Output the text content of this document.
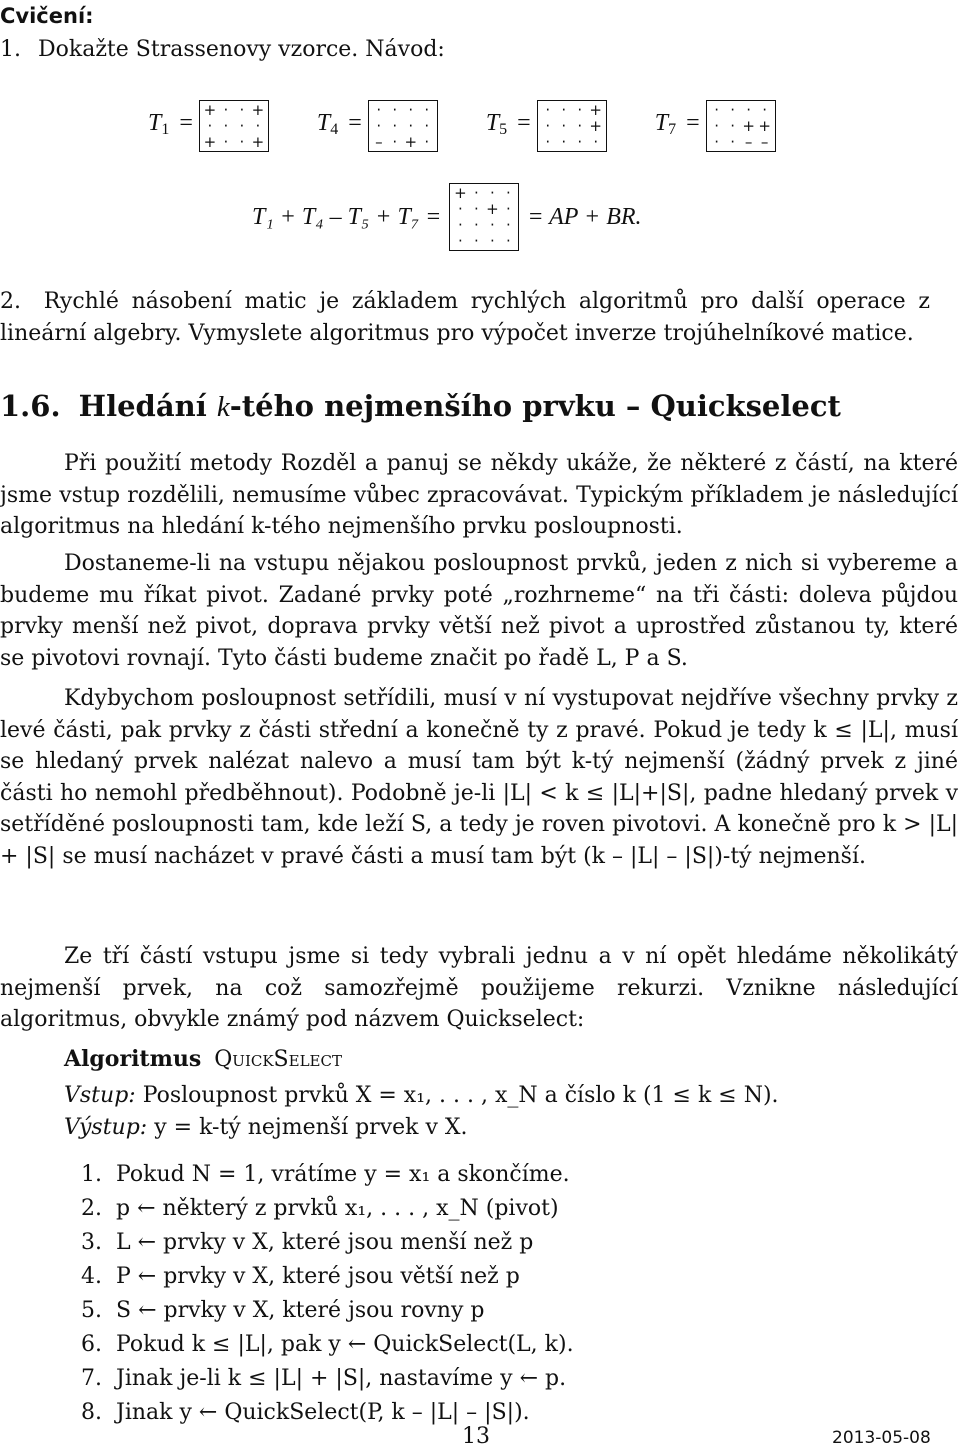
Cvičení:
1. Dokažte Strassenovy vzorce. Návod:
$T_1$ = + · · +
· · · ·
+ · · +
$T_4$ = · · · ·
· · · ·
– · + ·
$T_5$ = · · · +
· · · +
· · · ·
$T_7$ = · · · ·
· · + +
· · – –
T₁ + T₄ – T₅ + T₇ =
+ · · ·
· · + ·
· · · ·
· · · ·
= AP + BR.
2. Rychlé násobení matic je základem rychlých algoritmů pro další operace z lineární algebry. Vymyslete algoritmus pro výpočet inverze trojúhelníkové matice.
1.6. Hledání k-tého nejmenšího prvku – Quickselect
Při použití metody Rozděl a panuj se někdy ukáže, že některé z částí, na které jsme vstup rozdělili, nemusíme vůbec zpracovávat. Typickým příkladem je následující algoritmus na hledání k-tého nejmenšího prvku posloupnosti.
Dostaneme-li na vstupu nějakou posloupnost prvků, jeden z nich si vybereme a budeme mu říkat pivot. Zadané prvky poté „rozhrneme“ na tři části: doleva půjdou prvky menší než pivot, doprava prvky větší než pivot a uprostřed zůstanou ty, které se pivotovi rovnají. Tyto části budeme značit po řadě L, P a S.
Kdybychom posloupnost setřídili, musí v ní vystupovat nejdříve všechny prvky z levé části, pak prvky z části střední a konečně ty z pravé. Pokud je tedy k ≤ |L|, musí se hledaný prvek nalézat nalevo a musí tam být k-tý nejmenší (žádný prvek z jiné části ho nemohl předběhnout). Podobně je-li |L| < k ≤ |L|+|S|, padne hledaný prvek v setříděné posloupnosti tam, kde leží S, a tedy je roven pivotovi. A konečně pro k > |L| + |S| se musí nacházet v pravé části a musí tam být (k – |L| – |S|)-tý nejmenší.
Ze tří částí vstupu jsme si tedy vybrali jednu a v ní opět hledáme několikátý nejmenší prvek, na což samozřejmě použijeme rekurzi. Vznikne následující algoritmus, obvykle známý pod názvem Quickselect:
Algoritmus QuickSelect
Vstup: Posloupnost prvků X = x₁, . . . , x_N a číslo k (1 ≤ k ≤ N).
Výstup: y = k-tý nejmenší prvek v X.
1. Pokud N = 1, vrátíme y = x₁ a skončíme.
2. p ← některý z prvků x₁, . . . , x_N (pivot)
3. L ← prvky v X, které jsou menší než p
4. P ← prvky v X, které jsou větší než p
5. S ← prvky v X, které jsou rovny p
6. Pokud k ≤ |L|, pak y ← QuickSelect(L, k).
7. Jinak je-li k ≤ |L| + |S|, nastavíme y ← p.
8. Jinak y ← QuickSelect(P, k – |L| – |S|).
13	2013-05-08
